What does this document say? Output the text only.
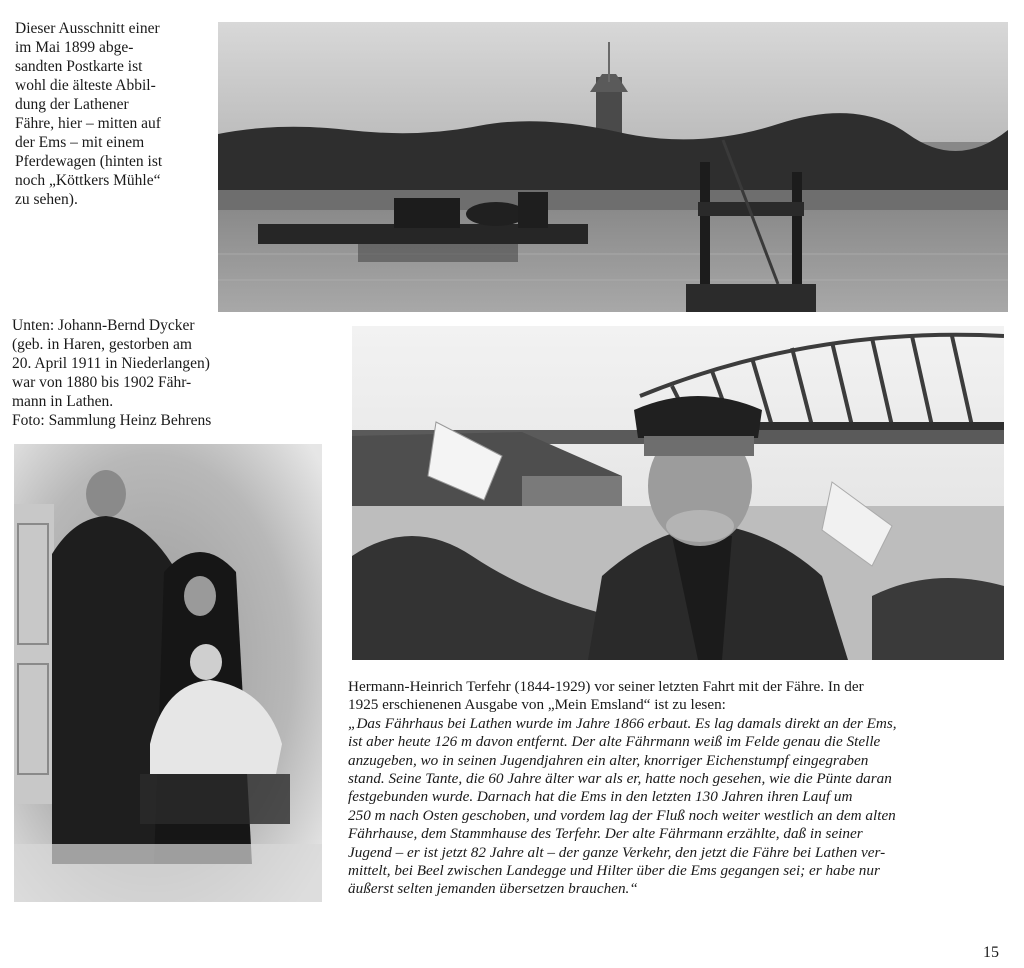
Dieser Ausschnitt einer
im Mai 1899 abge-
sandten Postkarte ist
wohl die älteste Abbil-
dung der Lathener
Fähre, hier – mitten auf
der Ems – mit einem
Pferdewagen (hinten ist
noch „Köttkers Mühle“
zu sehen).
Unten: Johann-Bernd Dycker
(geb. in Haren, gestorben am
20. April 1911 in Niederlangen)
war von 1880 bis 1902 Fähr-
mann in Lathen.
Foto: Sammlung Heinz Behrens
Hermann-Heinrich Terfehr (1844-1929) vor seiner letzten Fahrt mit der Fähre. In der
1925 erschienenen Ausgabe von „Mein Emsland“ ist zu lesen:
„Das Fährhaus bei Lathen wurde im Jahre 1866 erbaut. Es lag damals direkt an der Ems,
ist aber heute 126 m davon entfernt. Der alte Fährmann weiß im Felde genau die Stelle
anzugeben, wo in seinen Jugendjahren ein alter, knorriger Eichenstumpf eingegraben
stand. Seine Tante, die 60 Jahre älter war als er, hatte noch gesehen, wie die Pünte daran
festgebunden wurde. Darnach hat die Ems in den letzten 130 Jahren ihren Lauf um
250 m nach Osten geschoben, und vordem lag der Fluß noch weiter westlich an dem alten
Fährhause, dem Stammhause des Terfehr. Der alte Fährmann erzählte, daß in seiner
Jugend – er ist jetzt 82 Jahre alt – der ganze Verkehr, den jetzt die Fähre bei Lathen ver-
mittelt, bei Beel zwischen Landegge und Hilter über die Ems gegangen sei; er habe nur
äußerst selten jemanden übersetzen brauchen.“
15
